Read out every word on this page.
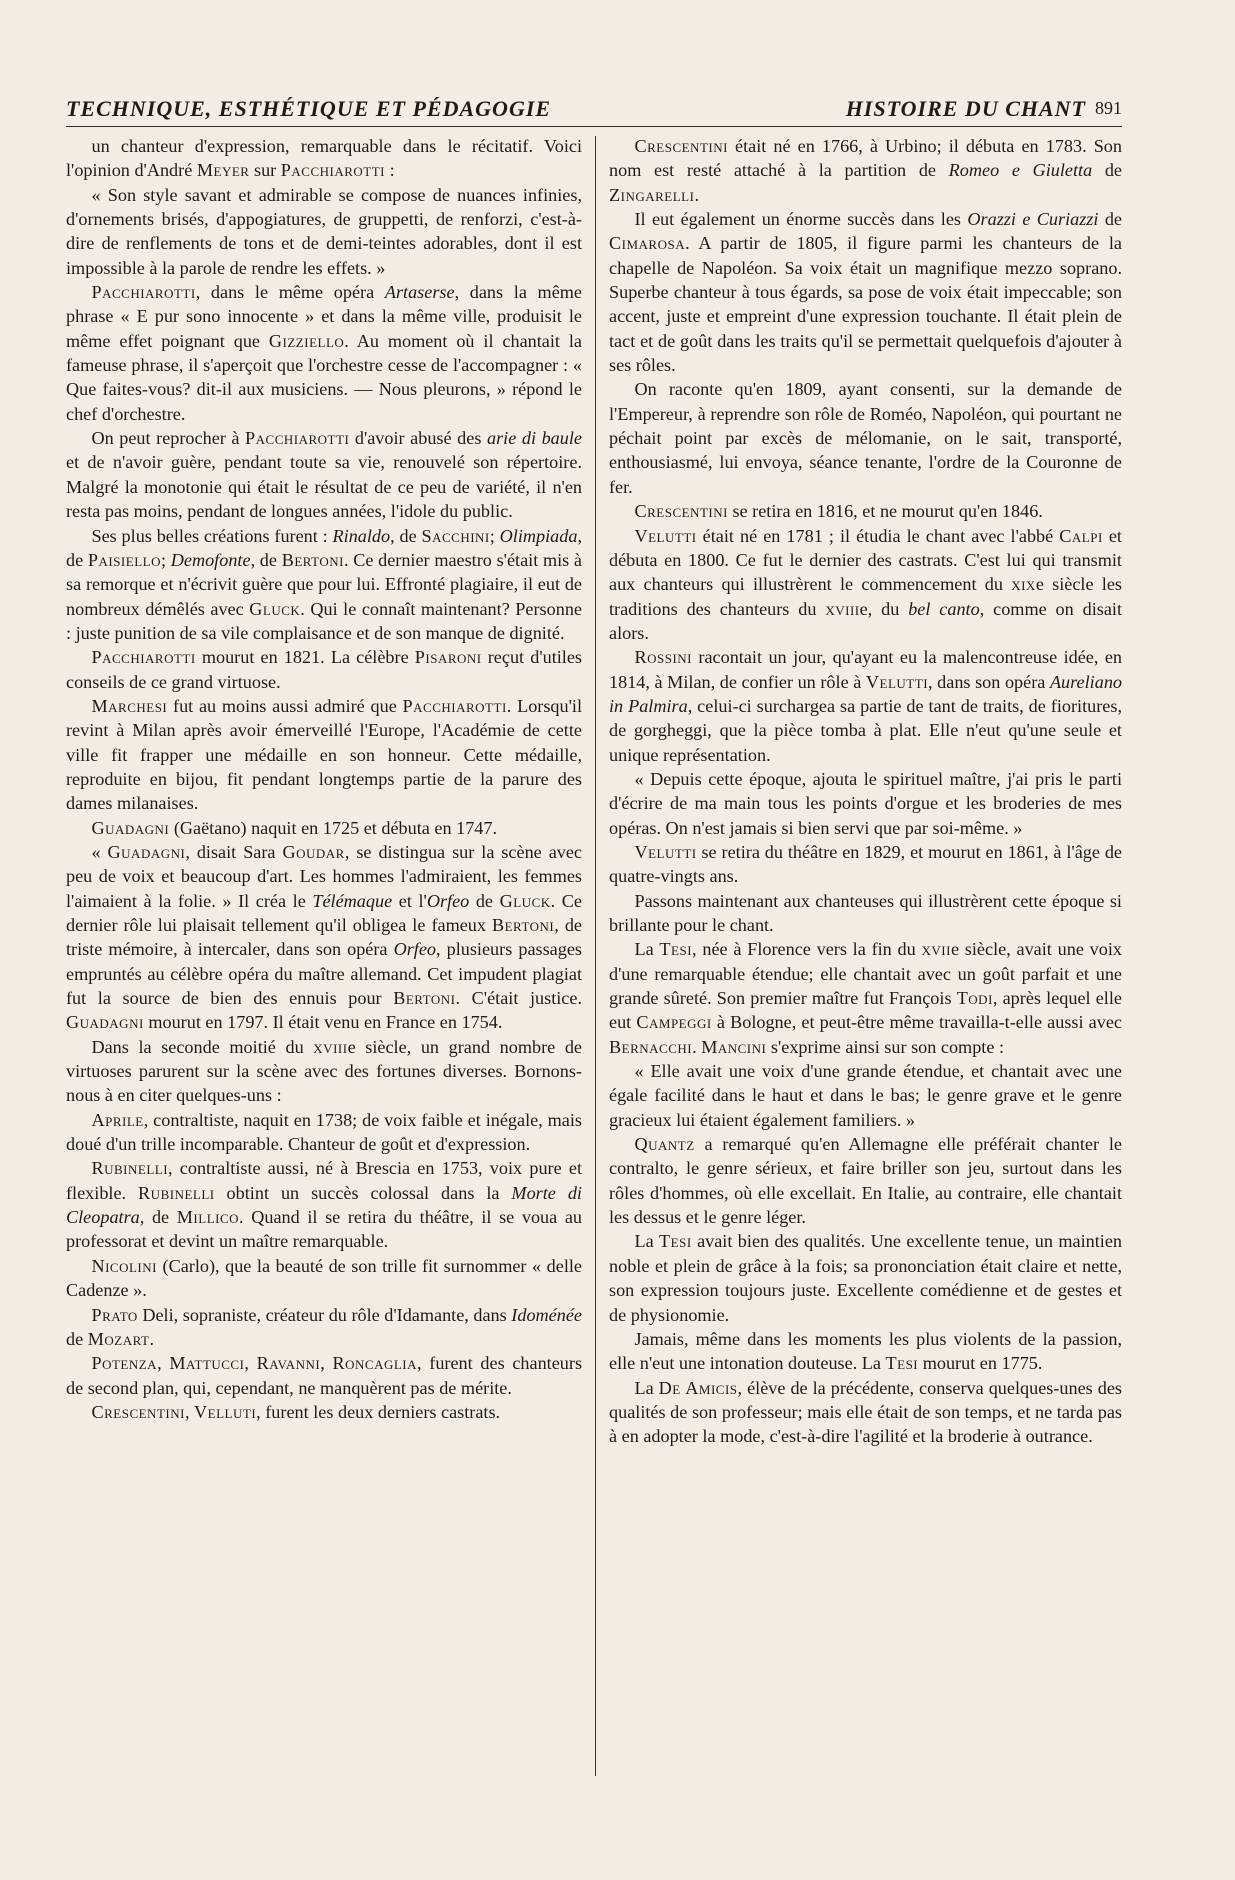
TECHNIQUE, ESTHÉTIQUE ET PÉDAGOGIE	HISTOIRE DU CHANT 891

un chanteur d'expression, remarquable dans le récitatif. Voici l'opinion d'André Meyer sur Pacchiarotti :

« Son style savant et admirable se compose de nuances infinies, d'ornements brisés, d'appogiatures, de gruppetti, de renforzi, c'est-à-dire de renflements de tons et de demi-teintes adorables, dont il est impossible à la parole de rendre les effets. »

Pacchiarotti, dans le même opéra Artaserse, dans la même phrase « E pur sono innocente » et dans la même ville, produisit le même effet poignant que Gizziello. Au moment où il chantait la fameuse phrase, il s'aperçoit que l'orchestre cesse de l'accompagner : « Que faites-vous? dit-il aux musiciens. — Nous pleurons, » répond le chef d'orchestre.

On peut reprocher à Pacchiarotti d'avoir abusé des arie di baule et de n'avoir guère, pendant toute sa vie, renouvelé son répertoire. Malgré la monotonie qui était le résultat de ce peu de variété, il n'en resta pas moins, pendant de longues années, l'idole du public.

Ses plus belles créations furent : Rinaldo, de Sacchini; Olimpiada, de Paisiello; Demofonte, de Bertoni. Ce dernier maestro s'était mis à sa remorque et n'écrivit guère que pour lui. Effronté plagiaire, il eut de nombreux démêlés avec Gluck. Qui le connaît maintenant? Personne : juste punition de sa vile complaisance et de son manque de dignité.

Pacchiarotti mourut en 1821. La célèbre Pisaroni reçut d'utiles conseils de ce grand virtuose.

Marchesi fut au moins aussi admiré que Pacchiarotti. Lorsqu'il revint à Milan après avoir émerveillé l'Europe, l'Académie de cette ville fit frapper une médaille en son honneur. Cette médaille, reproduite en bijou, fit pendant longtemps partie de la parure des dames milanaises.

Guadagni (Gaëtano) naquit en 1725 et débuta en 1747.

« Guadagni, disait Sara Goudar, se distingua sur la scène avec peu de voix et beaucoup d'art. Les hommes l'admiraient, les femmes l'aimaient à la folie. » Il créa le Télémaque et l'Orfeo de Gluck. Ce dernier rôle lui plaisait tellement qu'il obligea le fameux Bertoni, de triste mémoire, à intercaler, dans son opéra Orfeo, plusieurs passages empruntés au célèbre opéra du maître allemand. Cet impudent plagiat fut la source de bien des ennuis pour Bertoni. C'était justice. Guadagni mourut en 1797. Il était venu en France en 1754.

Dans la seconde moitié du xviiie siècle, un grand nombre de virtuoses parurent sur la scène avec des fortunes diverses. Bornons-nous à en citer quelques-uns :

Aprile, contraltiste, naquit en 1738; de voix faible et inégale, mais doué d'un trille incomparable. Chanteur de goût et d'expression.

Rubinelli, contraltiste aussi, né à Brescia en 1753, voix pure et flexible. Rubinelli obtint un succès colossal dans la Morte di Cleopatra, de Millico. Quand il se retira du théâtre, il se voua au professorat et devint un maître remarquable.

Nicolini (Carlo), que la beauté de son trille fit surnommer « delle Cadenze ».

Prato Deli, sopraniste, créateur du rôle d'Idamante, dans Idoménée de Mozart.

Potenza, Mattucci, Ravanni, Roncaglia, furent des chanteurs de second plan, qui, cependant, ne manquèrent pas de mérite.

Crescentini, Velluti, furent les deux derniers castrats.

Crescentini était né en 1766, à Urbino; il débuta en 1783. Son nom est resté attaché à la partition de Romeo e Giuletta de Zingarelli.

Il eut également un énorme succès dans les Orazzi e Curiazzi de Cimarosa. A partir de 1805, il figure parmi les chanteurs de la chapelle de Napoléon. Sa voix était un magnifique mezzo soprano. Superbe chanteur à tous égards, sa pose de voix était impeccable; son accent, juste et empreint d'une expression touchante. Il était plein de tact et de goût dans les traits qu'il se permettait quelquefois d'ajouter à ses rôles.

On raconte qu'en 1809, ayant consenti, sur la demande de l'Empereur, à reprendre son rôle de Roméo, Napoléon, qui pourtant ne péchait point par excès de mélomanie, on le sait, transporté, enthousiasmé, lui envoya, séance tenante, l'ordre de la Couronne de fer.

Crescentini se retira en 1816, et ne mourut qu'en 1846.

Velutti était né en 1781 ; il étudia le chant avec l'abbé Calpi et débuta en 1800. Ce fut le dernier des castrats. C'est lui qui transmit aux chanteurs qui illustrèrent le commencement du xixe siècle les traditions des chanteurs du xviiie, du bel canto, comme on disait alors.

Rossini racontait un jour, qu'ayant eu la malencontreuse idée, en 1814, à Milan, de confier un rôle à Velutti, dans son opéra Aureliano in Palmira, celui-ci surchargea sa partie de tant de traits, de fioritures, de gorgheggi, que la pièce tomba à plat. Elle n'eut qu'une seule et unique représentation.

« Depuis cette époque, ajouta le spirituel maître, j'ai pris le parti d'écrire de ma main tous les points d'orgue et les broderies de mes opéras. On n'est jamais si bien servi que par soi-même. »

Velutti se retira du théâtre en 1829, et mourut en 1861, à l'âge de quatre-vingts ans.

Passons maintenant aux chanteuses qui illustrèrent cette époque si brillante pour le chant.

La Tesi, née à Florence vers la fin du xviie siècle, avait une voix d'une remarquable étendue; elle chantait avec un goût parfait et une grande sûreté. Son premier maître fut François Todi, après lequel elle eut Campeggi à Bologne, et peut-être même travailla-t-elle aussi avec Bernacchi. Mancini s'exprime ainsi sur son compte :

« Elle avait une voix d'une grande étendue, et chantait avec une égale facilité dans le haut et dans le bas; le genre grave et le genre gracieux lui étaient également familiers. »

Quantz a remarqué qu'en Allemagne elle préférait chanter le contralto, le genre sérieux, et faire briller son jeu, surtout dans les rôles d'hommes, où elle excellait. En Italie, au contraire, elle chantait les dessus et le genre léger.

La Tesi avait bien des qualités. Une excellente tenue, un maintien noble et plein de grâce à la fois; sa prononciation était claire et nette, son expression toujours juste. Excellente comédienne et de gestes et de physionomie.

Jamais, même dans les moments les plus violents de la passion, elle n'eut une intonation douteuse. La Tesi mourut en 1775.

La De Amicis, élève de la précédente, conserva quelques-unes des qualités de son professeur; mais elle était de son temps, et ne tarda pas à en adopter la mode, c'est-à-dire l'agilité et la broderie à outrance.
